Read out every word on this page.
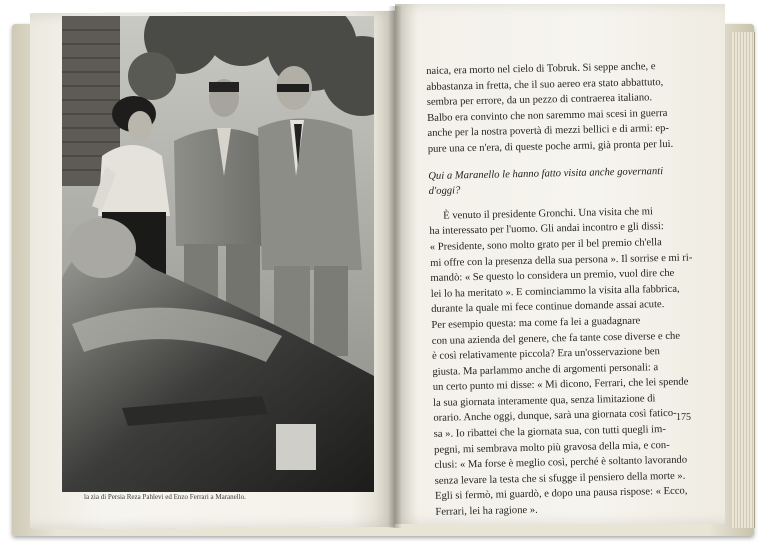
La principessa Soraya,
la zia di Persia Reza Pahlevi ed Enzo Ferrari a Maranello.
naica, era morto nel cielo di Tobruk. Si seppe anche, e
abbastanza in fretta, che il suo aereo era stato abbattuto,
sembra per errore, da un pezzo di contraerea italiano.
Balbo era convinto che non saremmo mai scesi in guerra
anche per la nostra povertà di mezzi bellici e di armi: ep-
pure una ce n'era, di queste poche armi, già pronta per lui.
Qui a Maranello le hanno fatto visita anche governanti
d'oggi?
È venuto il presidente Gronchi. Una visita che mi
ha interessato per l'uomo. Gli andai incontro e gli dissi:
« Presidente, sono molto grato per il bel premio ch'ella
mi offre con la presenza della sua persona ». Il sorrise e mi ri-
mandò: « Se questo lo considera un premio, vuol dire che
lei lo ha meritato ». E cominciammo la visita alla fabbrica,
durante la quale mi fece continue domande assai acute.
Per esempio questa: ma come fa lei a guadagnare
con una azienda del genere, che fa tante cose diverse e che
è così relativamente piccola? Era un'osservazione ben
giusta. Ma parlammo anche di argomenti personali: a
un certo punto mi disse: « Mi dicono, Ferrari, che lei spende
la sua giornata interamente qua, senza limitazione di
orario. Anche oggi, dunque, sarà una giornata così fatico-
sa ». Io ribattei che la giornata sua, con tutti quegli im-
pegni, mi sembrava molto più gravosa della mia, e con-
clusi: « Ma forse è meglio così, perché è soltanto lavorando
senza levare la testa che si sfugge il pensiero della morte ».
Egli si fermò, mi guardò, e dopo una pausa rispose: « Ecco,
Ferrari, lei ha ragione ».
175
